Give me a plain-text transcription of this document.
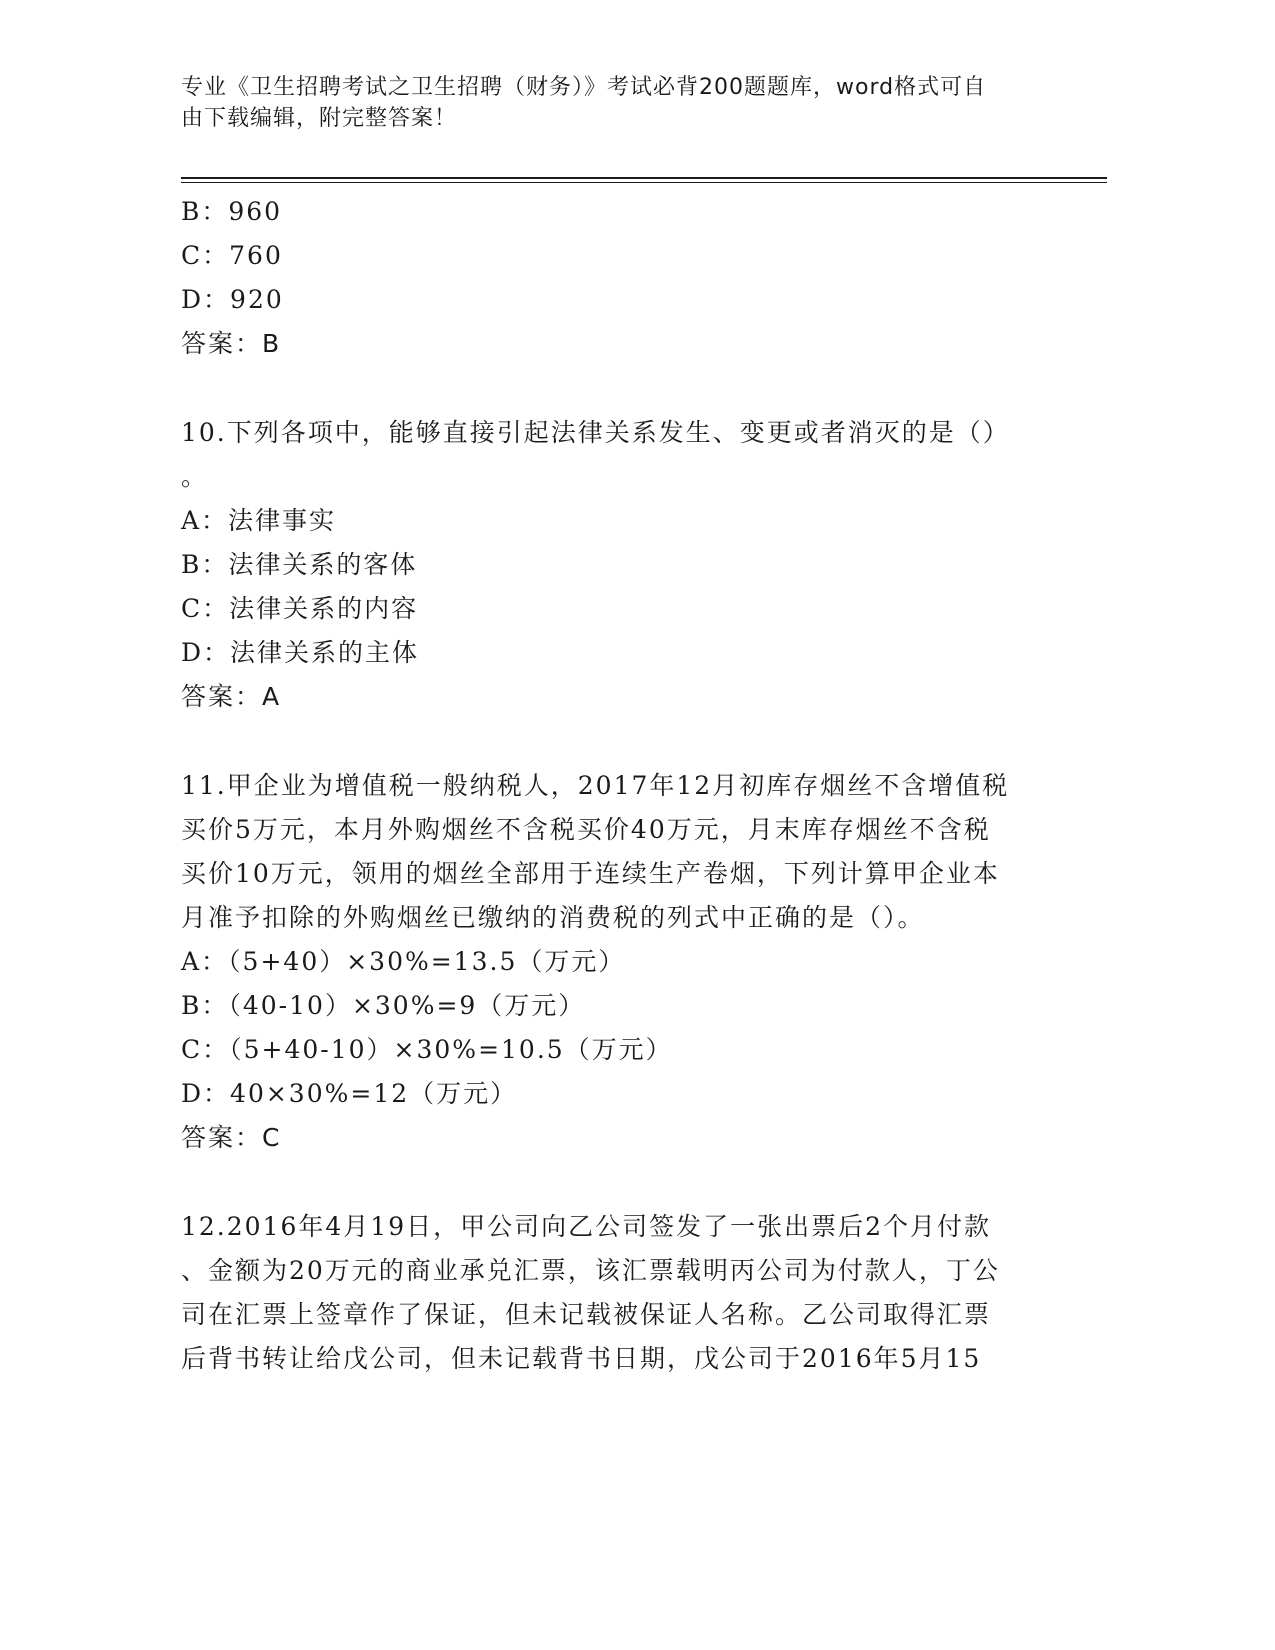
专业《卫生招聘考试之卫生招聘（财务）》考试必背200题题库，word格式可自
由下载编辑，附完整答案！
B：960
C：760
D：920
答案：B
10.下列各项中，能够直接引起法律关系发生、变更或者消灭的是（）
。
A：法律事实
B：法律关系的客体
C：法律关系的内容
D：法律关系的主体
答案：A
11.甲企业为增值税一般纳税人，2017年12月初库存烟丝不含增值税
买价5万元，本月外购烟丝不含税买价40万元，月末库存烟丝不含税
买价10万元，领用的烟丝全部用于连续生产卷烟，下列计算甲企业本
月准予扣除的外购烟丝已缴纳的消费税的列式中正确的是（）。
A：（5+40）×30%=13.5（万元）
B：（40-10）×30%=9（万元）
C：（5+40-10）×30%=10.5（万元）
D：40×30%=12（万元）
答案：C
12.2016年4月19日，甲公司向乙公司签发了一张出票后2个月付款
、金额为20万元的商业承兑汇票，该汇票载明丙公司为付款人，丁公
司在汇票上签章作了保证，但未记载被保证人名称。乙公司取得汇票
后背书转让给戊公司，但未记载背书日期，戊公司于2016年5月15
